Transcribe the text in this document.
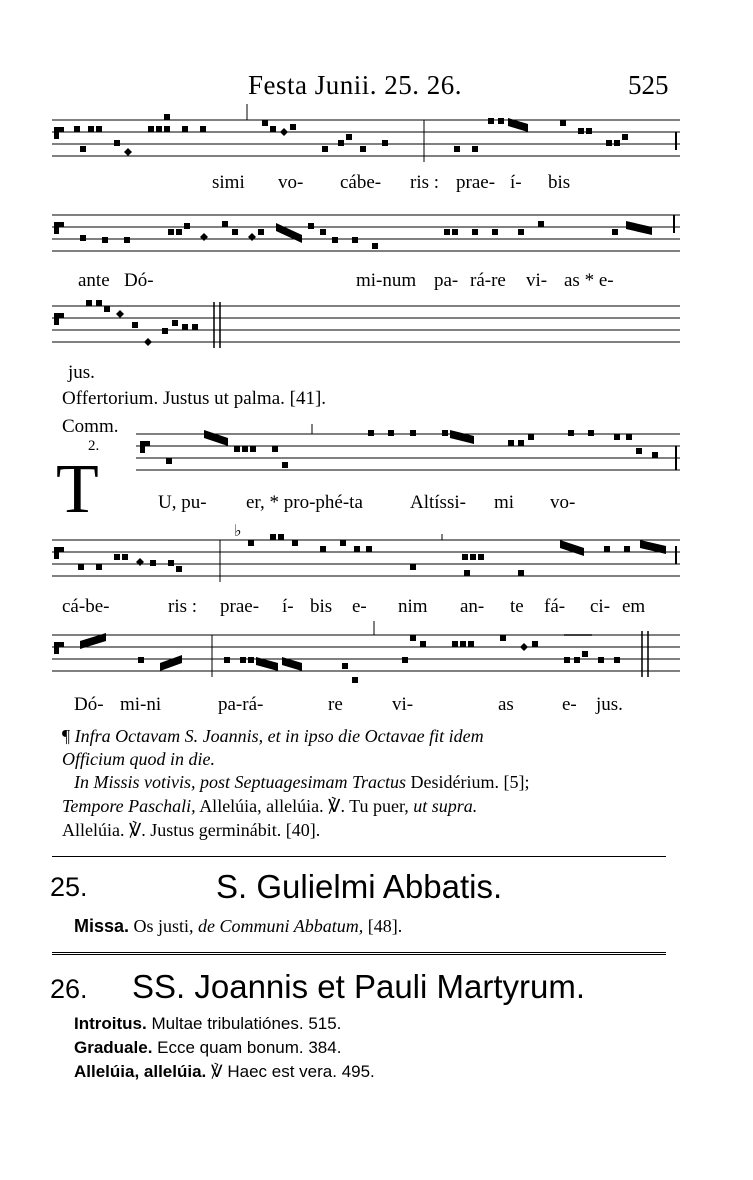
Festa Junii. 25. 26.	525
simi vo- cábe- ris : prae- í- bis
ante Dó-	mi-num pa- rá-re vi- as * e-
jus.
Offertorium. Justus ut palma. [41].
Comm.
2.
T	U, pu- er, * pro-phé-ta Altíssi- mi vo-
♭
cá-be-	ris : prae- í- bis e- nim an- te fá- ci- em
Dó- mi-ni	pa-rá-	re	vi-	as	e- jus.
¶ Infra Octavam S. Joannis, et in ipso die Octavae fit idem
Officium quod in die.
In Missis votivis, post Septuagesimam Tractus Desidérium. [5];
Tempore Paschali, Allelúia, allelúia. ℣. Tu puer, ut supra.
Allelúia. ℣. Justus germinábit. [40].
25.	S. Gulielmi Abbatis.
Missa. Os justi, de Communi Abbatum, [48].
26. SS. Joannis et Pauli Martyrum.
Introitus. Multae tribulatiónes. 515.
Graduale. Ecce quam bonum. 384.
Allelúia, allelúia. ℣ Haec est vera. 495.
